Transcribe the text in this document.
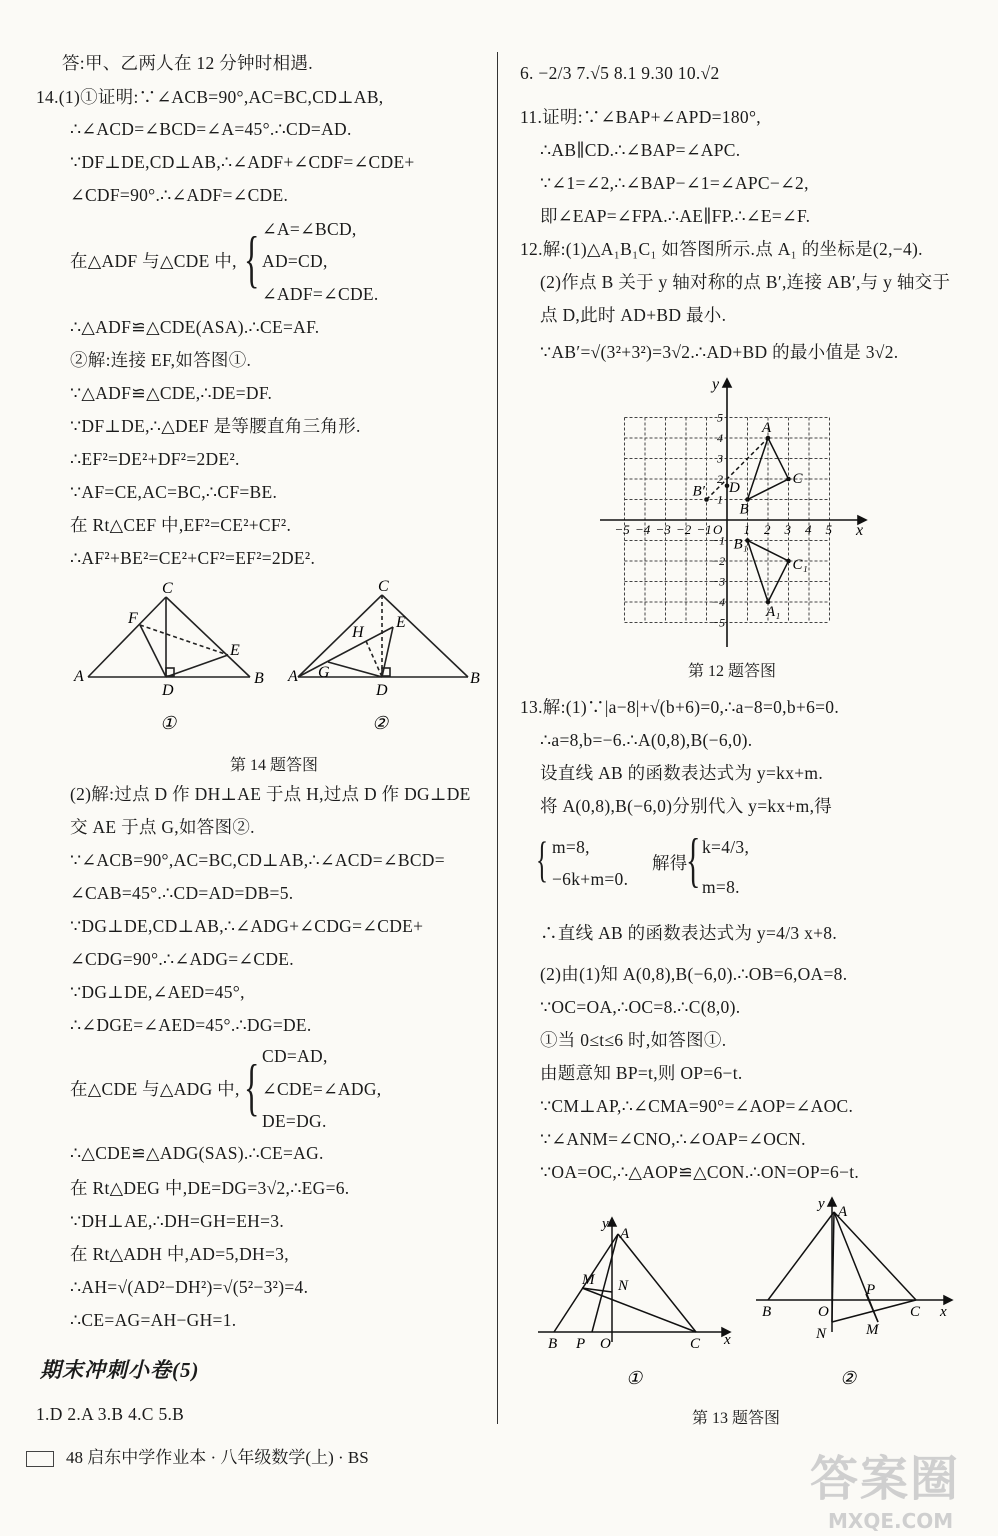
答:甲、乙两人在 12 分钟时相遇.
14.(1)①证明:∵∠ACB=90°,AC=BC,CD⊥AB,
∴∠ACD=∠BCD=∠A=45°.∴CD=AD.
∵DF⊥DE,CD⊥AB,∴∠ADF+∠CDF=∠CDE+
∠CDF=90°.∴∠ADF=∠CDE.
在△ADF 与△CDE 中, { ∠A=∠BCD,
AD=CD,
∠ADF=∠CDE.
∴△ADF≌△CDE(ASA).∴CE=AF.
②解:连接 EF,如答图①.
∵△ADF≌△CDE,∴DE=DF.
∵DF⊥DE,∴△DEF 是等腰直角三角形.
∴EF²=DE²+DF²=2DE².
∵AF=CE,AC=BC,∴CF=BE.
在 Rt△CEF 中,EF²=CE²+CF².
∴AF²+BE²=CE²+CF²=EF²=2DE².
C
F
E
A
D
B
①
C
H
E
A G
D
B
②
第 14 题答图
(2)解:过点 D 作 DH⊥AE 于点 H,过点 D 作 DG⊥DE
交 AE 于点 G,如答图②.
∵∠ACB=90°,AC=BC,CD⊥AB,∴∠ACD=∠BCD=
∠CAB=45°.∴CD=AD=DB=5.
∵DG⊥DE,CD⊥AB,∴∠ADG+∠CDG=∠CDE+
∠CDG=90°.∴∠ADG=∠CDE.
∵DG⊥DE,∠AED=45°,
∴∠DGE=∠AED=45°.∴DG=DE.
在△CDE 与△ADG 中, { CD=AD,
∠CDE=∠ADG,
DE=DG.
∴△CDE≌△ADG(SAS).∴CE=AG.
在 Rt△DEG 中,DE=DG=3√2,∴EG=6.
∵DH⊥AE,∴DH=GH=EH=3.
在 Rt△ADH 中,AD=5,DH=3,
∴AH=√(AD²−DH²)=√(5²−3²)=4.
∴CE=AG=AH−GH=1.
期末冲刺小卷(5)
1.D 2.A 3.B 4.C 5.B
48 启东中学作业本 · 八年级数学(上) · BS
6. −2/3 7.√5 8.1 9.30 10.√2
11.证明:∵∠BAP+∠APD=180°,
∴AB∥CD.∴∠BAP=∠APC.
∵∠1=∠2,∴∠BAP−∠1=∠APC−∠2,
即∠EAP=∠FPA.∴AE∥FP.∴∠E=∠F.
12.解:(1)△A₁B₁C₁ 如答图所示.点 A₁ 的坐标是(2,−4).
(2)作点 B 关于 y 轴对称的点 B′,连接 AB′,与 y 轴交于
点 D,此时 AD+BD 最小.
∵AB′=√(3²+3²)=3√2.∴AD+BD 的最小值是 3√2.
x
y
−5 −4 −3 −2 −1 O 1 2 3 4 5
5
4
3
2
1
−1
−2
−3
−4
−5
A
B
C
A₁
B₁
C₁
B′ D
第 12 题答图
13.解:(1)∵|a−8|+√(b+6)=0,∴a−8=0,b+6=0.
∴a=8,b=−6.∴A(0,8),B(−6,0).
设直线 AB 的函数表达式为 y=kx+m.
将 A(0,8),B(−6,0)分别代入 y=kx+m,得
{ m=8,
−6k+m=0.
解得
{ k=4/3,
m=8.
∴直线 AB 的函数表达式为 y=4/3 x+8.
(2)由(1)知 A(0,8),B(−6,0).∴OB=6,OA=8.
∵OC=OA,∴OC=8.∴C(8,0).
①当 0≤t≤6 时,如答图①.
由题意知 BP=t,则 OP=6−t.
∵CM⊥AP,∴∠CMA=90°=∠AOP=∠AOC.
∵∠ANM=∠CNO,∴∠OAP=∠OCN.
∵OA=OC,∴△AOP≌△CON.∴ON=OP=6−t.
y
A
M N
B P O	C x
①
y A
P
B	O	C x
N	M
②
第 13 题答图
答案圈
MXQE.COM
